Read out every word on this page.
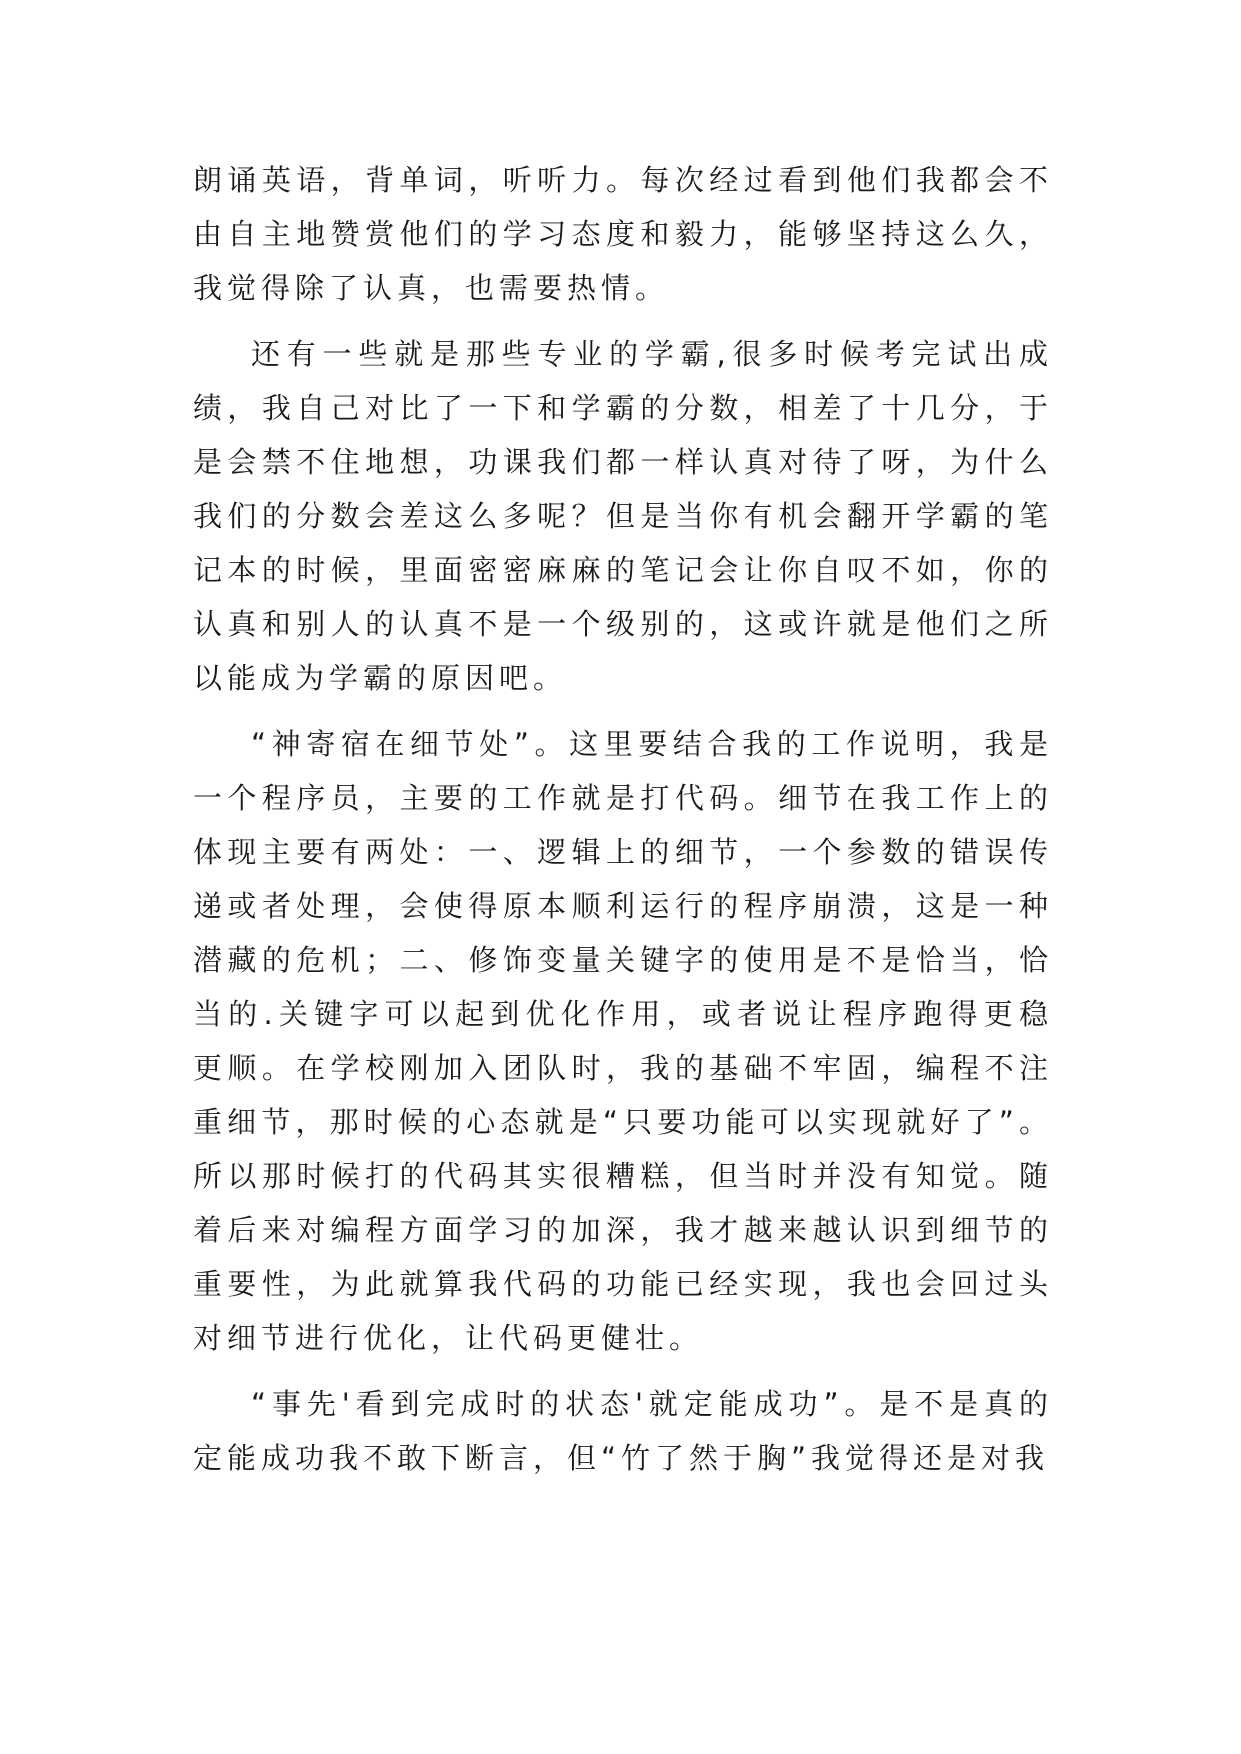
朗诵英语，背单词，听听力。每次经过看到他们我都会不由自主地赞赏他们的学习态度和毅力，能够坚持这么久，我觉得除了认真，也需要热情。

还有一些就是那些专业的学霸,很多时候考完试出成绩，我自己对比了一下和学霸的分数，相差了十几分，于是会禁不住地想，功课我们都一样认真对待了呀，为什么我们的分数会差这么多呢？但是当你有机会翻开学霸的笔记本的时候，里面密密麻麻的笔记会让你自叹不如，你的认真和别人的认真不是一个级别的，这或许就是他们之所以能成为学霸的原因吧。

“神寄宿在细节处”。这里要结合我的工作说明，我是一个程序员，主要的工作就是打代码。细节在我工作上的体现主要有两处：一、逻辑上的细节，一个参数的错误传递或者处理，会使得原本顺利运行的程序崩溃，这是一种潜藏的危机；二、修饰变量关键字的使用是不是恰当，恰当的.关键字可以起到优化作用，或者说让程序跑得更稳更顺。在学校刚加入团队时，我的基础不牢固，编程不注重细节，那时候的心态就是“只要功能可以实现就好了”。所以那时候打的代码其实很糟糕，但当时并没有知觉。随着后来对编程方面学习的加深，我才越来越认识到细节的重要性，为此就算我代码的功能已经实现，我也会回过头对细节进行优化，让代码更健壮。

“事先'看到完成时的状态'就定能成功”。是不是真的定能成功我不敢下断言，但“竹了然于胸”我觉得还是对我
